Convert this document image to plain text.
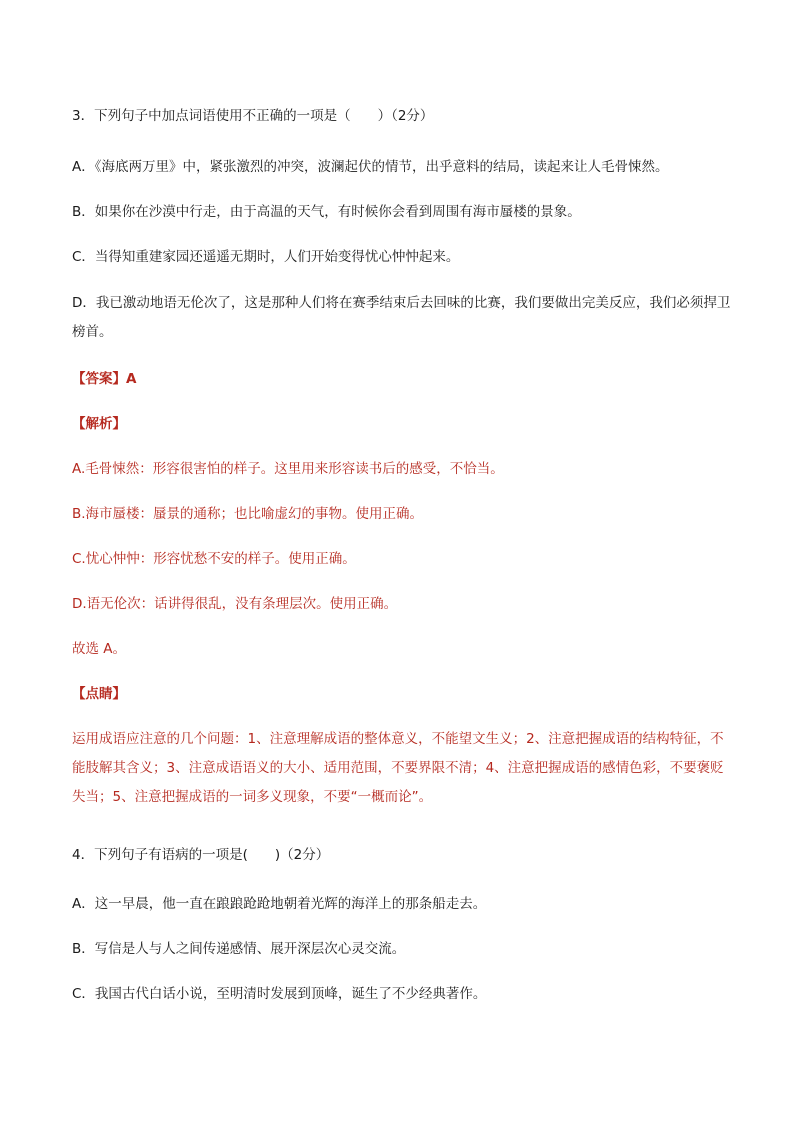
3．下列句子中加点词语使用不正确的一项是（　　）（2分）
A．《海底两万里》中，紧张激烈的冲突，波澜起伏的情节，出乎意料的结局，读起来让人毛骨悚然。
B．如果你在沙漠中行走，由于高温的天气，有时候你会看到周围有海市蜃楼的景象。
C．当得知重建家园还遥遥无期时，人们开始变得忧心忡忡起来。
D．我已激动地语无伦次了，这是那种人们将在赛季结束后去回味的比赛，我们要做出完美反应，我们必须捍卫榜首。
【答案】A
【解析】
A.毛骨悚然：形容很害怕的样子。这里用来形容读书后的感受，不恰当。
B.海市蜃楼：蜃景的通称；也比喻虚幻的事物。使用正确。
C.忧心忡忡：形容忧愁不安的样子。使用正确。
D.语无伦次：话讲得很乱，没有条理层次。使用正确。
故选 A。
【点睛】
运用成语应注意的几个问题：1、注意理解成语的整体意义，不能望文生义；2、注意把握成语的结构特征，不能肢解其含义；3、注意成语语义的大小、适用范围，不要界限不清；4、注意把握成语的感情色彩，不要褒贬失当；5、注意把握成语的一词多义现象，不要“一概而论”。
4．下列句子有语病的一项是(　　)（2分）
A．这一早晨，他一直在踉踉跄跄地朝着光辉的海洋上的那条船走去。
B．写信是人与人之间传递感情、展开深层次心灵交流。
C．我国古代白话小说，至明清时发展到顶峰，诞生了不少经典著作。
